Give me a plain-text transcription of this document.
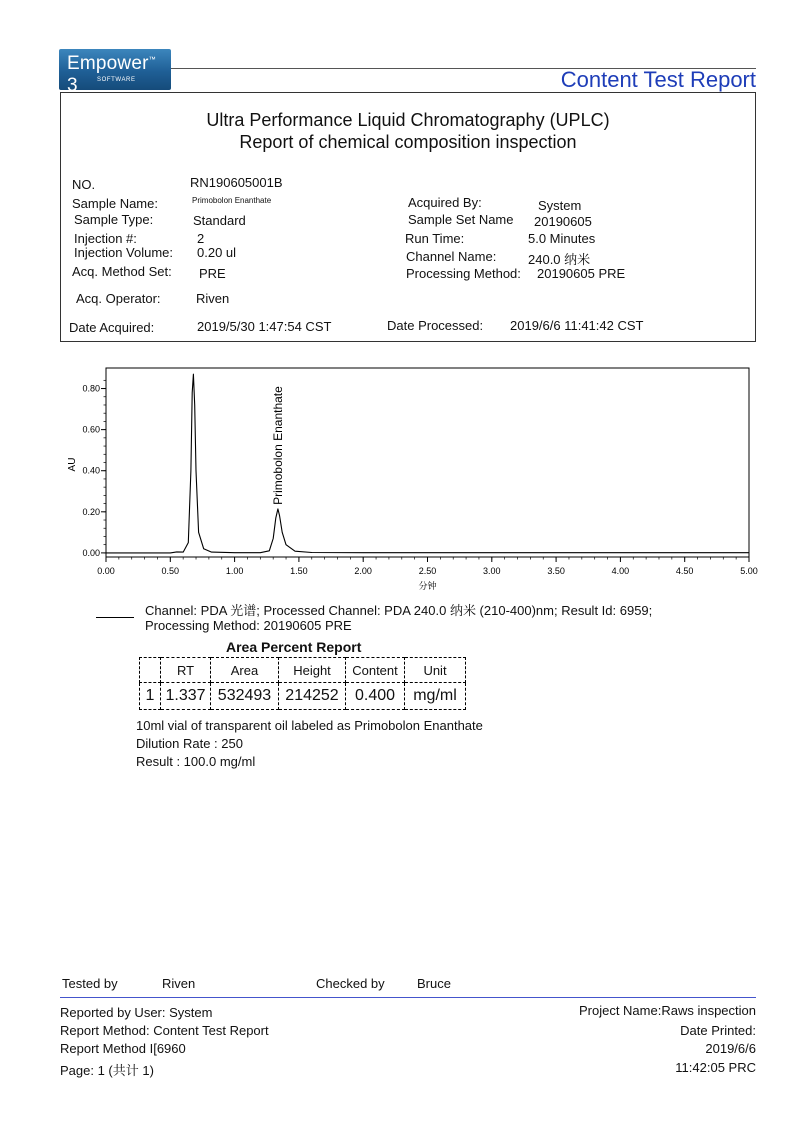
Empower™ 3	SOFTWARE	Content Test Report
Ultra Performance Liquid Chromatography (UPLC)
Report of chemical composition inspection
NO.	RN190605001B
Sample Name:	Primobolon Enanthate
Sample Type:	Standard
Injection #:	2
Injection Volume: 0.20 ul
Acq. Method Set: PRE
Acq. Operator:	Riven
Date Acquired:	2019/5/30 1:47:54 CST
Acquired By:	System
Sample Set Name 20190605
Run Time:	5.0 Minutes
Channel Name: 240.0 纳米
Processing Method: 20190605 PRE
Date Processed: 2019/6/6 11:41:42 CST
0.00
0.20
0.40
0.60
0.80
0.00	0.50	1.00	1.50	2.00	2.50	3.00	3.50	4.00	4.50	5.00
分钟
AU	Primobolon Enanthate
Channel: PDA 光谱; Processed Channel: PDA 240.0 纳米 (210-400)nm; Result Id: 6959;
Processing Method: 20190605 PRE
Area Percent Report
	RT	Area	Height	Content	Unit
1	1.337	532493	214252	0.400	mg/ml
10ml vial of transparent oil labeled as Primobolon Enanthate
Dilution Rate : 250
Result : 100.0 mg/ml
Tested by	Riven	Checked by Bruce
Reported by User: System
Report Method: Content Test Report
Report Method I[6960
Page: 1 (共计 1)
Project Name:Raws inspection
Date Printed:
2019/6/6
11:42:05 PRC
